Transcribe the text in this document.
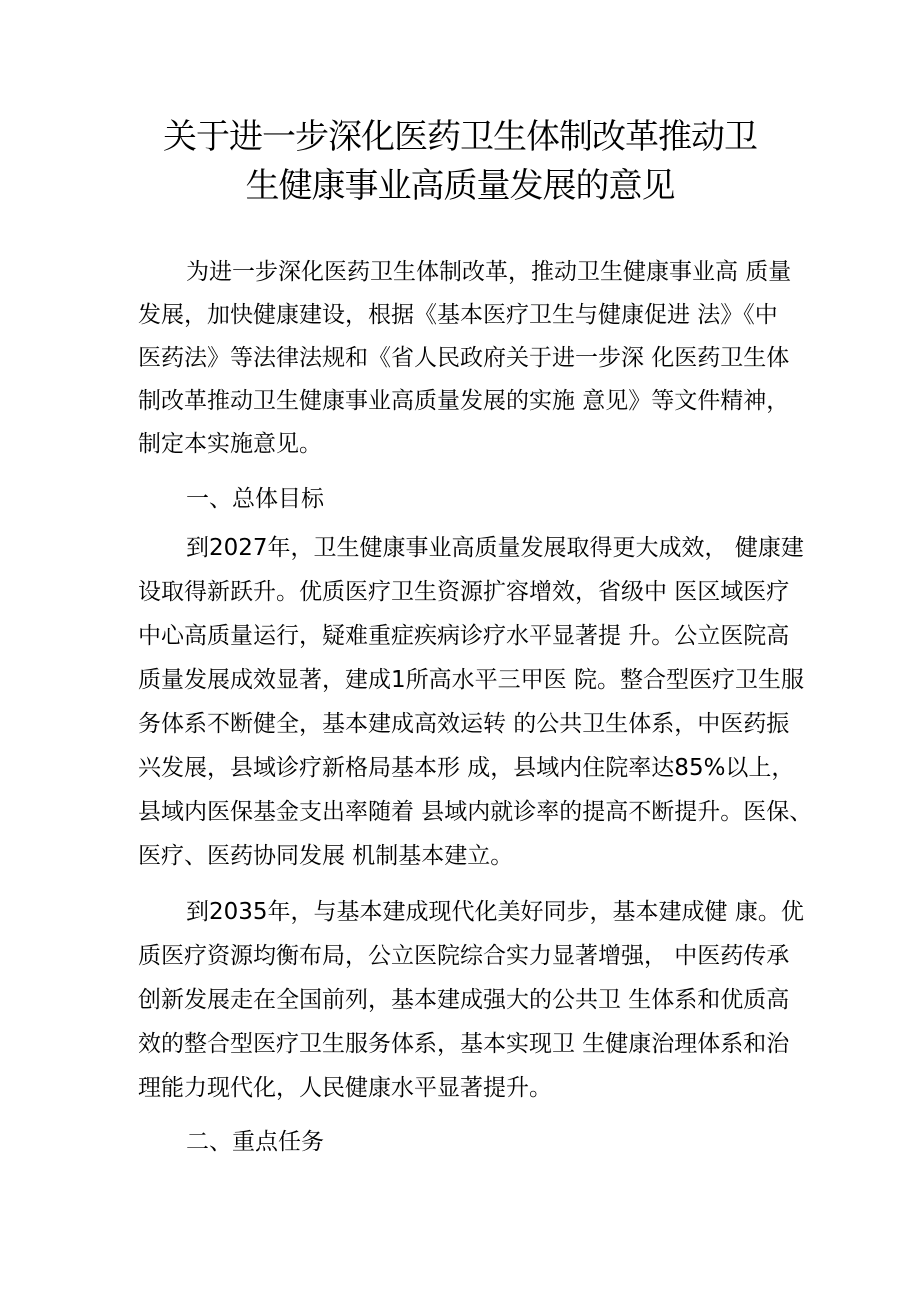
关于进一步深化医药卫生体制改革推动卫
生健康事业高质量发展的意见
为进一步深化医药卫生体制改革，推动卫生健康事业高 质量
发展，加快健康建设，根据《基本医疗卫生与健康促进 法》《中
医药法》等法律法规和《省人民政府关于进一步深 化医药卫生体
制改革推动卫生健康事业高质量发展的实施 意见》等文件精神，
制定本实施意见。
一、总体目标
到2027年，卫生健康事业高质量发展取得更大成效， 健康建
设取得新跃升。优质医疗卫生资源扩容增效，省级中 医区域医疗
中心高质量运行，疑难重症疾病诊疗水平显著提 升。公立医院高
质量发展成效显著，建成1所高水平三甲医 院。整合型医疗卫生服
务体系不断健全，基本建成高效运转 的公共卫生体系，中医药振
兴发展，县域诊疗新格局基本形 成，县域内住院率达85%以上，
县域内医保基金支出率随着 县域内就诊率的提高不断提升。医保、
医疗、医药协同发展 机制基本建立。
到2035年，与基本建成现代化美好同步，基本建成健 康。优
质医疗资源均衡布局，公立医院综合实力显著增强， 中医药传承
创新发展走在全国前列，基本建成强大的公共卫 生体系和优质高
效的整合型医疗卫生服务体系，基本实现卫 生健康治理体系和治
理能力现代化，人民健康水平显著提升。
二、重点任务
